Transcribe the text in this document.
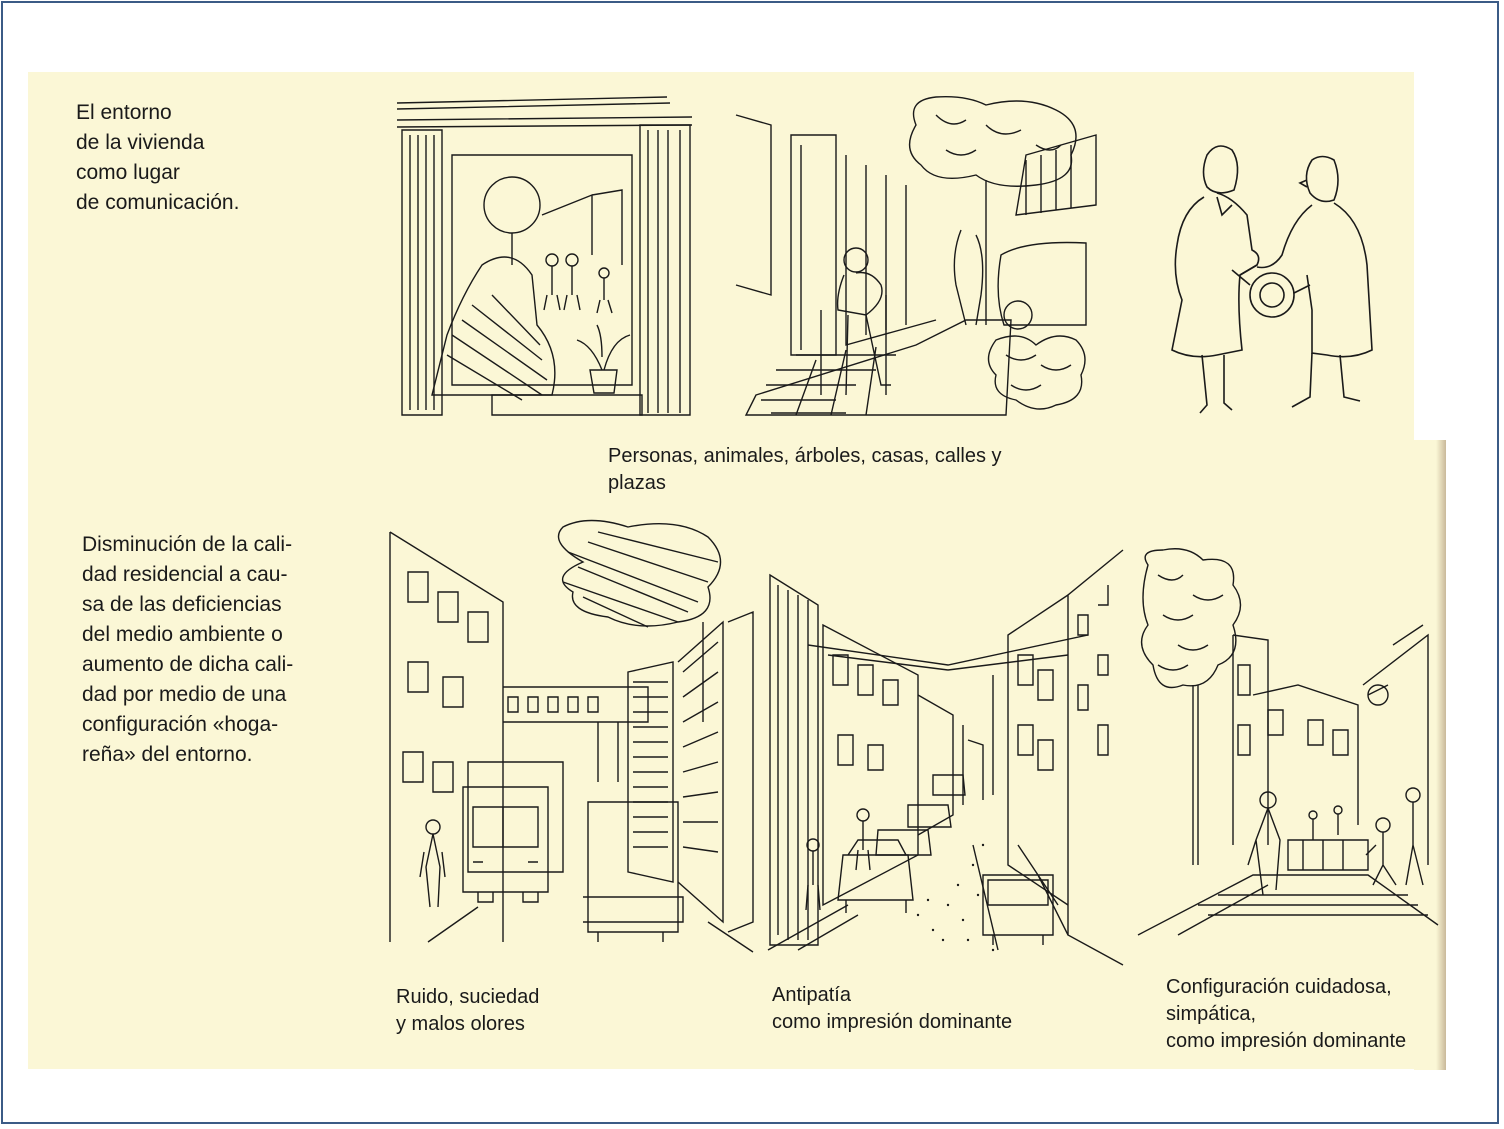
El entorno
de la vivienda
como lugar
de comunicación.

Disminución de la cali-
dad residencial a cau-
sa de las deficiencias
del medio ambiente o
aumento de dicha cali-
dad por medio de una
configuración «hoga-
reña» del entorno.

Personas, animales, árboles, casas, calles y
plazas

Ruido, suciedad
y malos olores

Antipatía
como impresión dominante

Configuración cuidadosa,
simpática,
como impresión dominante
